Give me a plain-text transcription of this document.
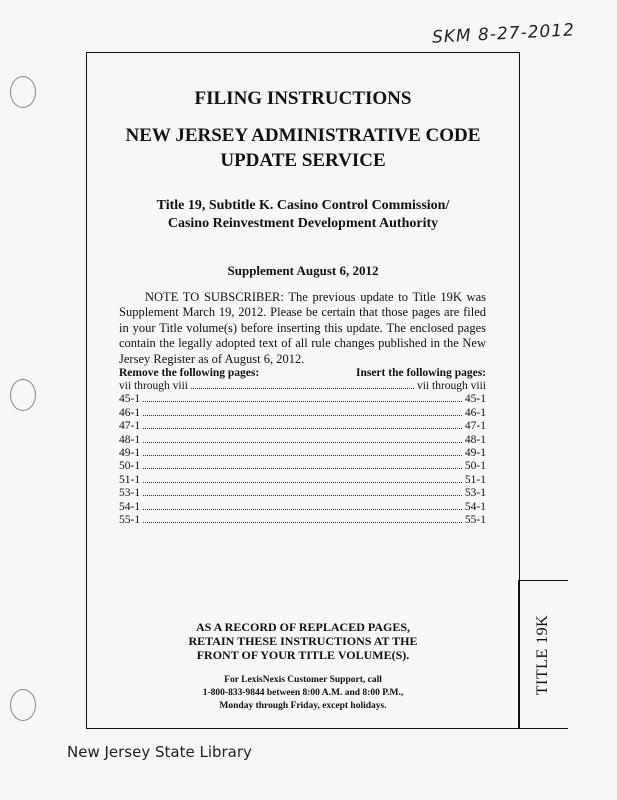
SKM 8-27-2012
TITLE 19K
FILING INSTRUCTIONS
NEW JERSEY ADMINISTRATIVE CODE
UPDATE SERVICE
Title 19, Subtitle K. Casino Control Commission/
Casino Reinvestment Development Authority
Supplement August 6, 2012

NOTE TO SUBSCRIBER: The previous update to Title 19K was Supplement March 19, 2012. Please be certain that those pages are filed in your Title volume(s) before inserting this update. The enclosed pages contain the legally adopted text of all rule changes published in the New Jersey Register as of August 6, 2012.

Remove the following pages:	Insert the following pages:
vii through viii	vii through viii
45-1	45-1
46-1	46-1
47-1	47-1
48-1	48-1
49-1	49-1
50-1	50-1
51-1	51-1
53-1	53-1
54-1	54-1
55-1	55-1
AS A RECORD OF REPLACED PAGES,
RETAIN THESE INSTRUCTIONS AT THE
FRONT OF YOUR TITLE VOLUME(S).
For LexisNexis Customer Support, call
1-800-833-9844 between 8:00 A.M. and 8:00 P.M.,
Monday through Friday, except holidays.
New Jersey State Library
